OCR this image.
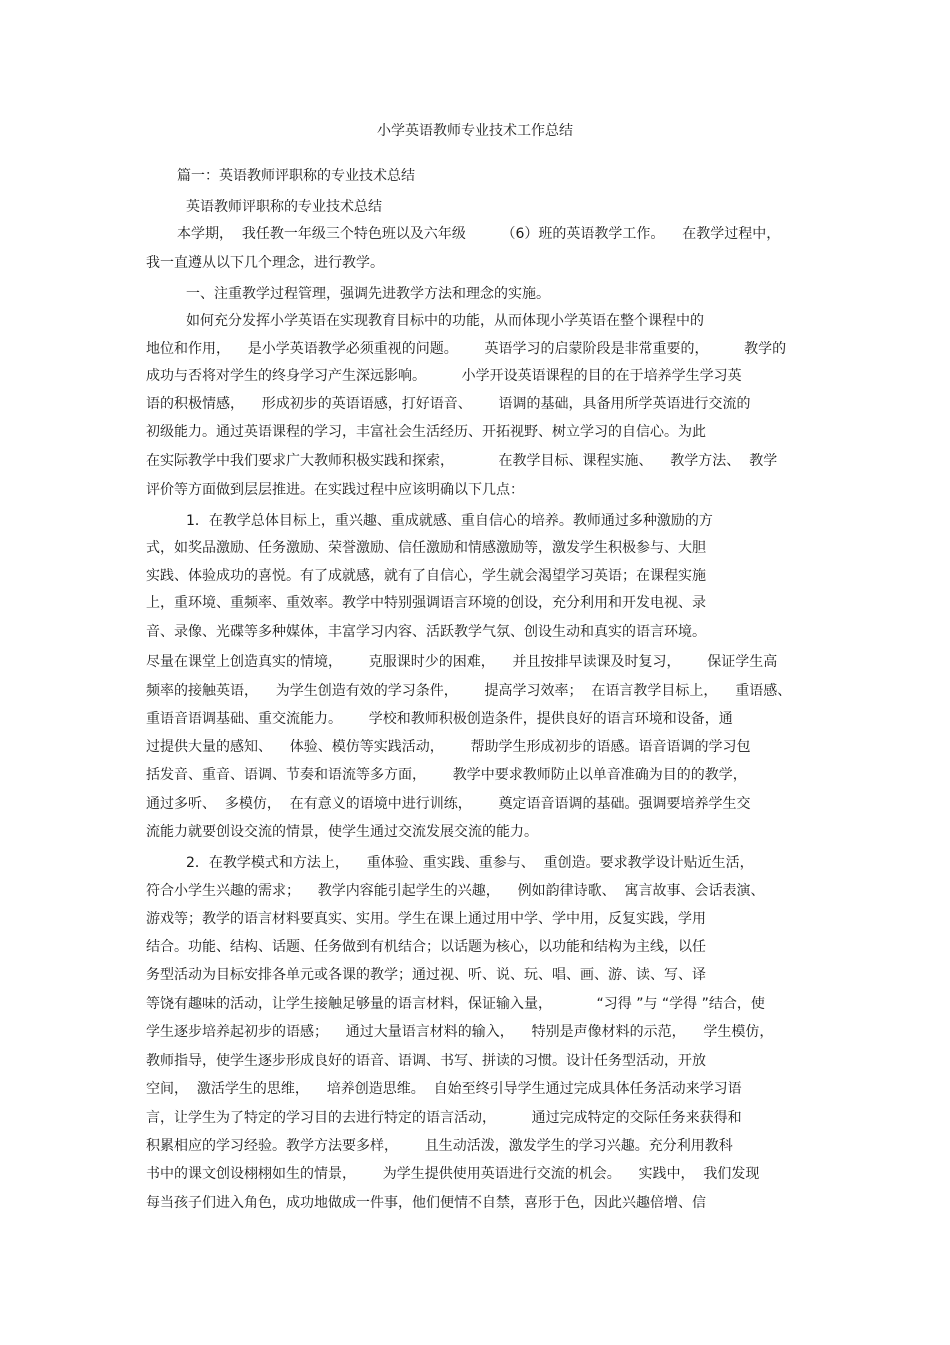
小学英语教师专业技术工作总结
篇一：英语教师评职称的专业技术总结
英语教师评职称的专业技术总结
本学期，  我任教一年级三个特色班以及六年级        （6）班的英语教学工作。    在教学过程中，
我一直遵从以下几个理念，进行教学。
一、注重教学过程管理，强调先进教学方法和理念的实施。
如何充分发挥小学英语在实现教育目标中的功能，从而体现小学英语在整个课程中的
地位和作用，    是小学英语教学必须重视的问题。      英语学习的启蒙阶段是非常重要的，        教学的
成功与否将对学生的终身学习产生深远影响。        小学开设英语课程的目的在于培养学生学习英
语的积极情感，    形成初步的英语语感，打好语音、      语调的基础，具备用所学英语进行交流的
初级能力。通过英语课程的学习，丰富社会生活经历、开拓视野、树立学习的自信心。为此
在实际教学中我们要求广大教师积极实践和探索，          在教学目标、课程实施、    教学方法、  教学
评价等方面做到层层推进。在实践过程中应该明确以下几点：
1．在教学总体目标上，重兴趣、重成就感、重自信心的培养。教师通过多种激励的方
式，如奖品激励、任务激励、荣誉激励、信任激励和情感激励等，激发学生积极参与、大胆
实践、体验成功的喜悦。有了成就感，就有了自信心，学生就会渴望学习英语；在课程实施
上，重环境、重频率、重效率。教学中特别强调语言环境的创设，充分利用和开发电视、录
音、录像、光碟等多种媒体，丰富学习内容、活跃教学气氛、创设生动和真实的语言环境。
尽量在课堂上创造真实的情境，      克服课时少的困难，    并且按排早读课及时复习，      保证学生高
频率的接触英语，    为学生创造有效的学习条件，      提高学习效率；  在语言教学目标上，    重语感、
重语音语调基础、重交流能力。      学校和教师积极创造条件，提供良好的语言环境和设备，通
过提供大量的感知、    体验、模仿等实践活动，      帮助学生形成初步的语感。语音语调的学习包
括发音、重音、语调、节奏和语流等多方面，      教学中要求教师防止以单音准确为目的的教学，
通过多听、  多模仿，  在有意义的语境中进行训练，      奠定语音语调的基础。强调要培养学生交
流能力就要创设交流的情景，使学生通过交流发展交流的能力。
2．在教学模式和方法上，    重体验、重实践、重参与、  重创造。要求教学设计贴近生活，
符合小学生兴趣的需求；    教学内容能引起学生的兴趣，    例如韵律诗歌、  寓言故事、会话表演、
游戏等；教学的语言材料要真实、实用。学生在课上通过用中学、学中用，反复实践，学用
结合。功能、结构、话题、任务做到有机结合；以话题为核心，以功能和结构为主线，以任
务型活动为目标安排各单元或各课的教学；通过视、听、说、玩、唱、画、游、读、写、译
等饶有趣味的活动，让学生接触足够量的语言材料，保证输入量，          “习得 ”与 “学得 ”结合，使
学生逐步培养起初步的语感；    通过大量语言材料的输入，    特别是声像材料的示范，    学生模仿，
教师指导，使学生逐步形成良好的语音、语调、书写、拼读的习惯。设计任务型活动，开放
空间，  激活学生的思维，    培养创造思维。  自始至终引导学生通过完成具体任务活动来学习语
言，让学生为了特定的学习目的去进行特定的语言活动，        通过完成特定的交际任务来获得和
积累相应的学习经验。教学方法要多样，      且生动活泼，激发学生的学习兴趣。充分利用教科
书中的课文创设栩栩如生的情景，      为学生提供使用英语进行交流的机会。    实践中，  我们发现
每当孩子们进入角色，成功地做成一件事，他们便情不自禁，喜形于色，因此兴趣倍增、信
